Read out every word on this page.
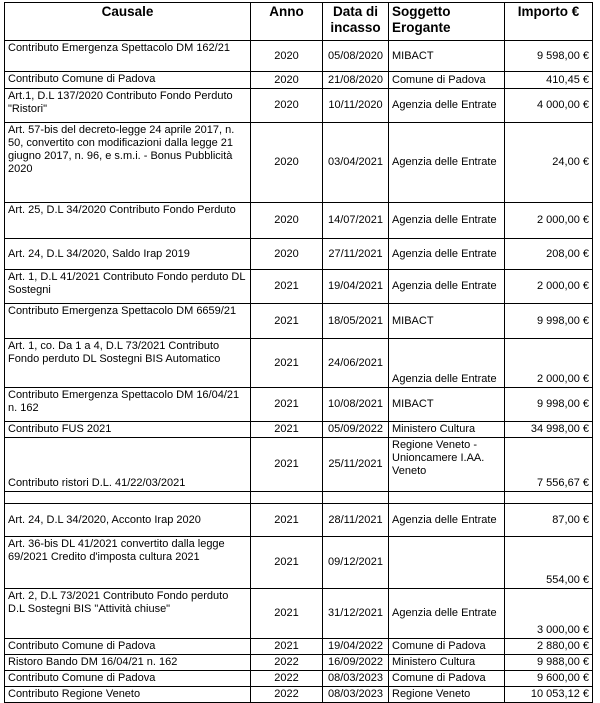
Causale	Anno	Data di incasso	Soggetto Erogante	Importo €
Contributo Emergenza Spettacolo DM 162/21	2020	05/08/2020	MIBACT	9 598,00 €
Contributo Comune di Padova	2020	21/08/2020	Comune di Padova	410,45 €
Art.1, D.L 137/2020 Contributo Fondo Perduto "Ristori"	2020	10/11/2020	Agenzia delle Entrate	4 000,00 €
Art. 57-bis del decreto-legge 24 aprile 2017, n. 50, convertito con modificazioni dalla legge 21 giugno 2017, n. 96, e s.m.i. - Bonus Pubblicità 2020	2020	03/04/2021	Agenzia delle Entrate	24,00 €
Art. 25, D.L 34/2020 Contributo Fondo Perduto	2020	14/07/2021	Agenzia delle Entrate	2 000,00 €
Art. 24, D.L 34/2020, Saldo Irap 2019	2020	27/11/2021	Agenzia delle Entrate	208,00 €
Art. 1, D.L 41/2021 Contributo Fondo perduto DL Sostegni	2021	19/04/2021	Agenzia delle Entrate	2 000,00 €
Contributo Emergenza Spettacolo DM 6659/21	2021	18/05/2021	MIBACT	9 998,00 €
Art. 1, co. Da 1 a 4, D.L 73/2021 Contributo Fondo perduto DL Sostegni BIS Automatico	2021	24/06/2021	Agenzia delle Entrate	2 000,00 €
Contributo Emergenza Spettacolo DM 16/04/21 n. 162	2021	10/08/2021	MIBACT	9 998,00 €
Contributo FUS 2021	2021	05/09/2022	Ministero Cultura	34 998,00 €
Contributo ristori D.L. 41/22/03/2021	2021	25/11/2021	Regione Veneto - Unioncamere I.AA. Veneto	7 556,67 €

Art. 24, D.L 34/2020, Acconto Irap 2020	2021	28/11/2021	Agenzia delle Entrate	87,00 €
Art. 36-bis DL 41/2021 convertito dalla legge 69/2021 Credito d'imposta cultura 2021	2021	09/12/2021		554,00 €
Art. 2, D.L 73/2021 Contributo Fondo perduto D.L Sostegni BIS "Attività chiuse"	2021	31/12/2021	Agenzia delle Entrate	3 000,00 €
Contributo Comune di Padova	2021	19/04/2022	Comune di Padova	2 880,00 €
Ristoro Bando DM 16/04/21 n. 162	2022	16/09/2022	Ministero Cultura	9 988,00 €
Contributo Comune di Padova	2022	08/03/2023	Comune di Padova	9 600,00 €
Contributo Regione Veneto	2022	08/03/2023	Regione Veneto	10 053,12 €
